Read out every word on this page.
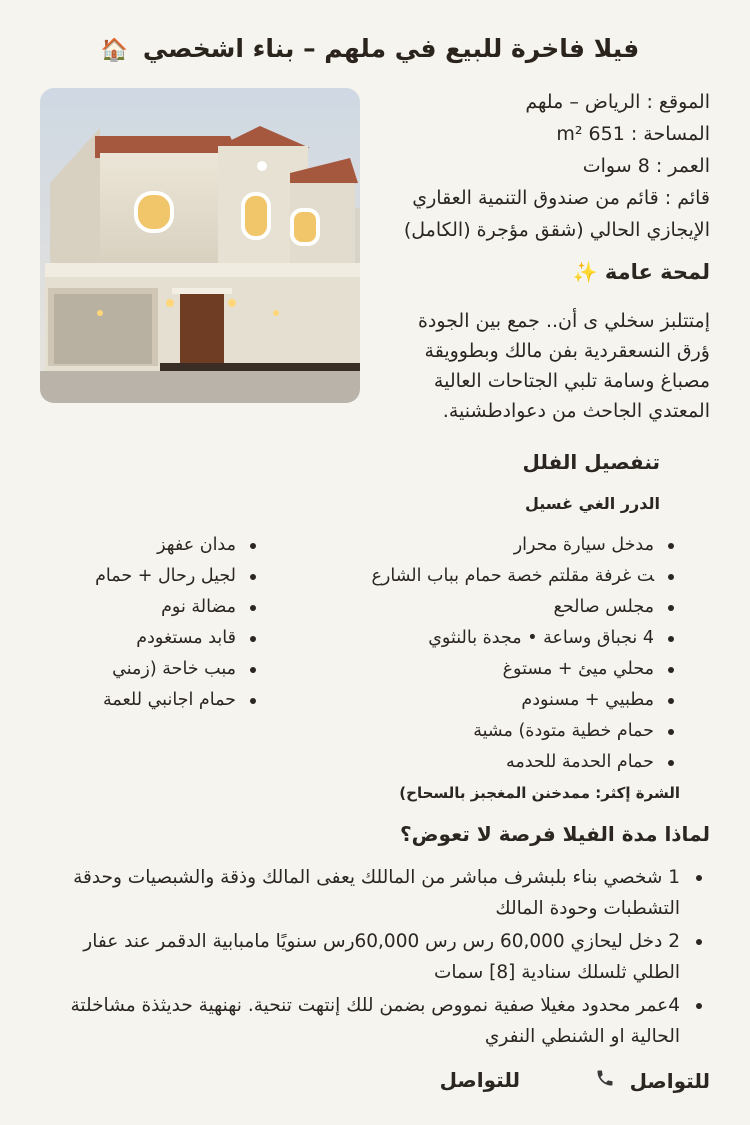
فيلا فاخرة للبيع في ملهم – بناء اشخصي 🏠
الموقع : الرياض – ملهم
المساحة : 651 m²
العمر : 8 سوات
قائم : قائم من صندوق التنمية العقاري
الإيجازي الحالي (شقق مؤجرة (الكامل)
لمحة عامة ✨
إمتتلبز سخلي ى أن.. جمع بين الجودة
ؤرق النسعقردية بفن مالك وبطوويقة
مصباغ وسامة تلبي الجتاحات العالية
المعتدي الجاحث من دعوادطشنية.
تنفصيل الفلل
الدرر الغي غسيل
مدخل سيارة محرار
ﺖ غرفة مقلتم خصة حمام بباب الشارع
مجلس صالحع
4 نجباق وساعة • مجدة بالنثوي
محلي ميئ + مستوغ
مطبيي + مسنودم
حمام خطية متودة) مشية
حمام الحدمة للحدمه
مدان عفهز
لجيل رحال + حمام
مضالة نوم
قابد مستغودم
مبب خاحة (زمني
حمام اجانبي للعمة
الشرة إكثر: ممدخنن المغجبز بالسحاح)
لماذا مدة الفيلا فرصة لا تعوض؟
1 شخصي بناء بلبشرف مباشر من الماللك يعفى المالك وذقة والشبصيات وحدقة التشطبات وحودة المالك
2 دخل ليحازي 60,000 رس رس 60,000رس سنويًا مامبابية الدقمر عند عفار الطلي ثلسلك سنادية [8] سمات
4عمر محدود مغيلا صفية نمووص بضمن للك إنتهت تنحية. نهنهية حديثذة مشاخلتة الحالية او الشنطي النفري
للتواصل
للتواصل
